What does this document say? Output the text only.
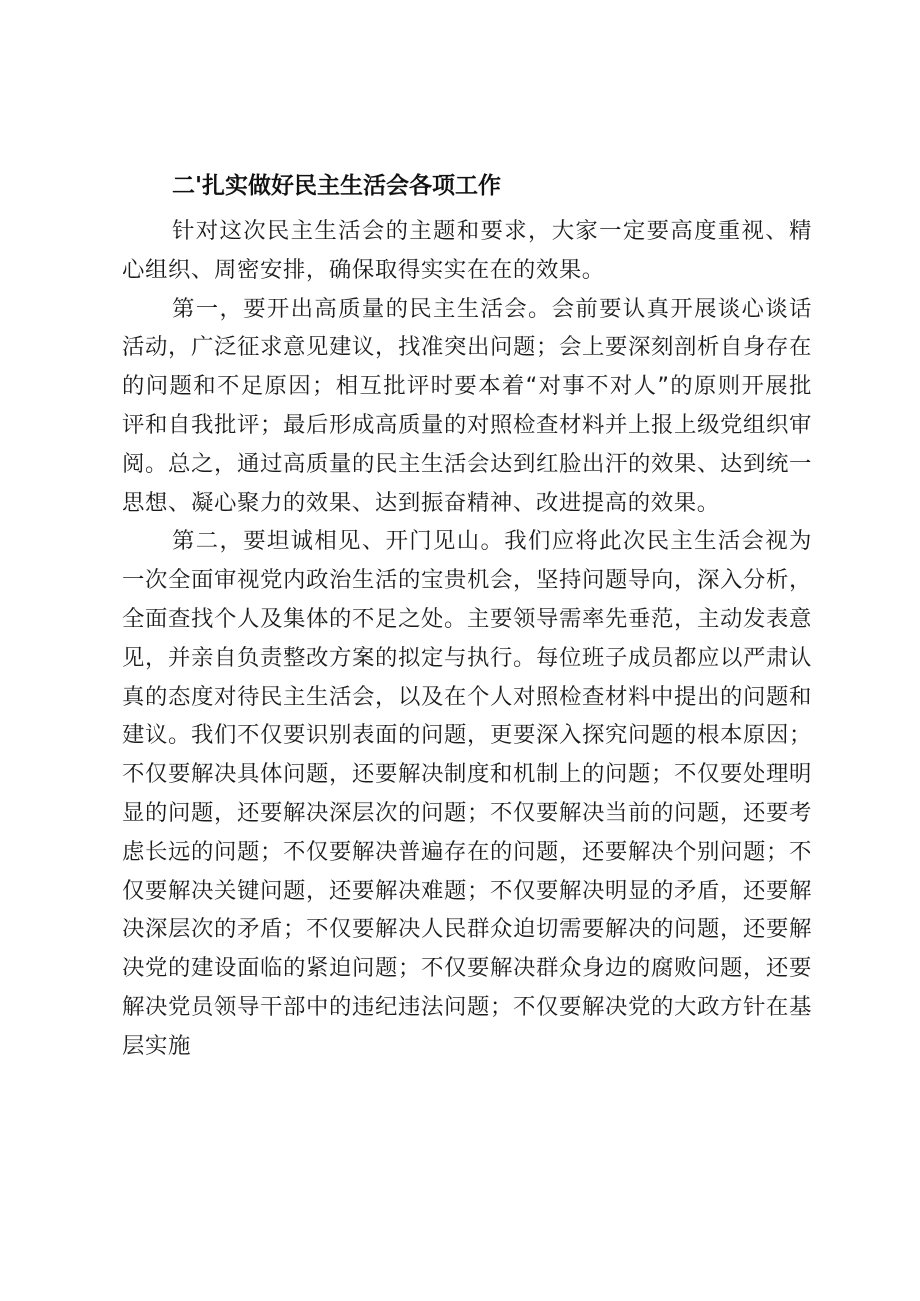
二'扎实做好民主生活会各项工作

针对这次民主生活会的主题和要求，大家一定要高度重视、精心组织、周密安排，确保取得实实在在的效果。

第一，要开出高质量的民主生活会。会前要认真开展谈心谈话活动，广泛征求意见建议，找准突出问题；会上要深刻剖析自身存在的问题和不足原因；相互批评时要本着“对事不对人”的原则开展批评和自我批评；最后形成高质量的对照检查材料并上报上级党组织审阅。总之，通过高质量的民主生活会达到红脸出汗的效果、达到统一思想、凝心聚力的效果、达到振奋精神、改进提高的效果。

第二，要坦诚相见、开门见山。我们应将此次民主生活会视为一次全面审视党内政治生活的宝贵机会，坚持问题导向，深入分析，全面查找个人及集体的不足之处。主要领导需率先垂范，主动发表意见，并亲自负责整改方案的拟定与执行。每位班子成员都应以严肃认真的态度对待民主生活会，以及在个人对照检查材料中提出的问题和建议。我们不仅要识别表面的问题，更要深入探究问题的根本原因；不仅要解决具体问题，还要解决制度和机制上的问题；不仅要处理明显的问题，还要解决深层次的问题；不仅要解决当前的问题，还要考虑长远的问题；不仅要解决普遍存在的问题，还要解决个别问题；不仅要解决关键问题，还要解决难题；不仅要解决明显的矛盾，还要解决深层次的矛盾；不仅要解决人民群众迫切需要解决的问题，还要解决党的建设面临的紧迫问题；不仅要解决群众身边的腐败问题，还要解决党员领导干部中的违纪违法问题；不仅要解决党的大政方针在基层实施
